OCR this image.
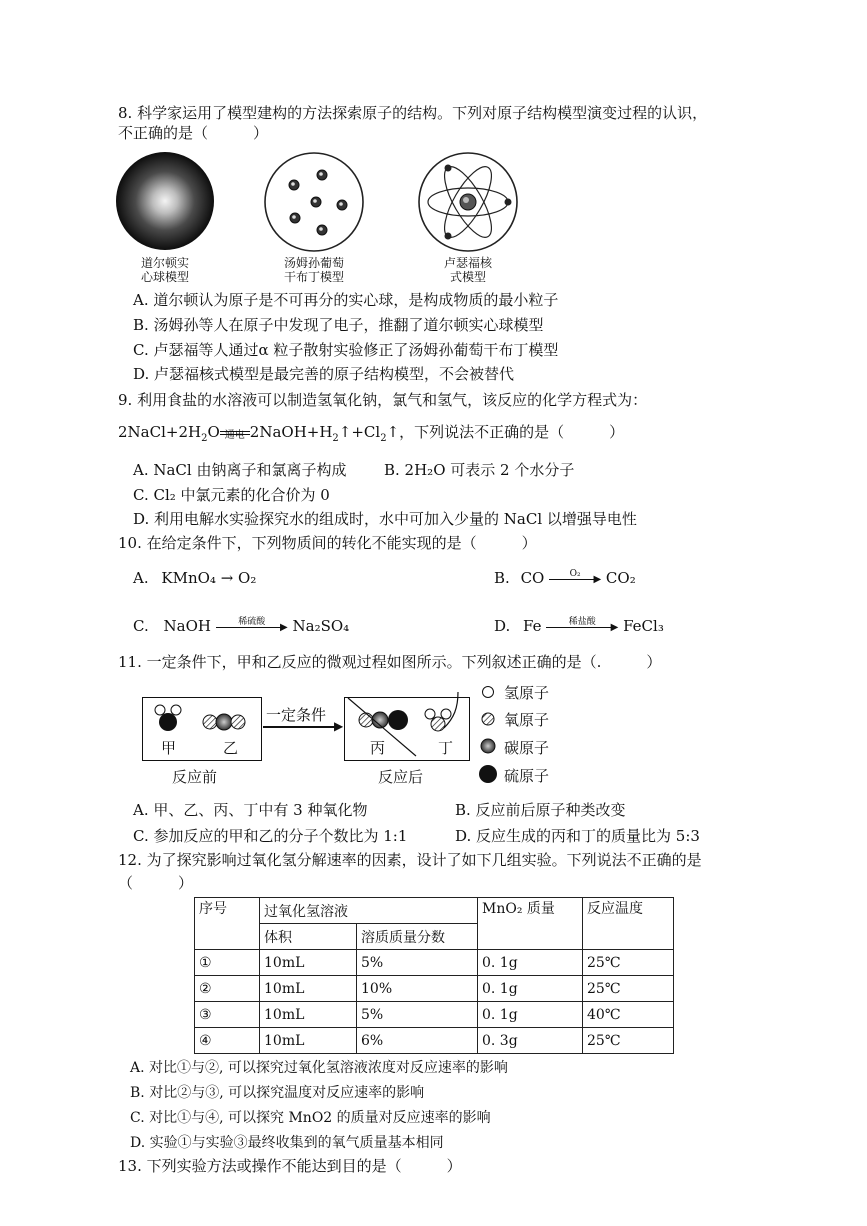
8. 科学家运用了模型建构的方法探索原子的结构。下列对原子结构模型演变过程的认识，
不正确的是（　　　）
道尔顿实
心球模型
汤姆孙葡萄
干布丁模型
卢瑟福核
式模型
A. 道尔顿认为原子是不可再分的实心球，是构成物质的最小粒子
B. 汤姆孙等人在原子中发现了电子，推翻了道尔顿实心球模型
C. 卢瑟福等人通过α 粒子散射实验修正了汤姆孙葡萄干布丁模型
D. 卢瑟福核式模型是最完善的原子结构模型，不会被替代
9. 利用食盐的水溶液可以制造氢氧化钠，氯气和氢气，该反应的化学方程式为：
$2NaCl+2H_2O$ 通电 $2NaOH+H_2↑+Cl_2↑$，下列说法不正确的是（　　　）
A. NaCl 由钠离子和氯离子构成	B. 2H₂O 可表示 2 个水分子
C. Cl₂ 中氯元素的化合价为 0
D. 利用电解水实验探究水的组成时，水中可加入少量的 NaCl 以增强导电性
10. 在给定条件下，下列物质间的转化不能实现的是（　　　）
A. KMnO₄ → O₂	B. CO	O₂	▶ CO₂
C. NaOH	稀硫酸	▶ Na₂SO₄	D. Fe	稀盐酸	▶ FeCl₃
11. 一定条件下，甲和乙反应的微观过程如图所示。下列叙述正确的是（.　　　）
甲	乙
一定条件
▶
丙	丁
反应前	反应后
氢原子
氧原子
碳原子
硫原子
A. 甲、乙、丙、丁中有 3 种氧化物	B. 反应前后原子种类改变
C. 参加反应的甲和乙的分子个数比为 1:1	D. 反应生成的丙和丁的质量比为 5:3
12. 为了探究影响过氧化氢分解速率的因素，设计了如下几组实验。下列说法不正确的是
（　　　）
序号	过氧化氢溶液		MnO₂ 质量	反应温度
	体积	溶质质量分数		
①	10mL	5%	0. 1g	25℃
②	10mL	10%	0. 1g	25℃
③	10mL	5%	0. 1g	40℃
④	10mL	6%	0. 3g	25℃
A. 对比①与②, 可以探究过氧化氢溶液浓度对反应速率的影响
B. 对比②与③, 可以探究温度对反应速率的影响
C. 对比①与④, 可以探究 MnO2 的质量对反应速率的影响
D. 实验①与实验③最终收集到的氧气质量基本相同
13. 下列实验方法或操作不能达到目的是（　　　）
